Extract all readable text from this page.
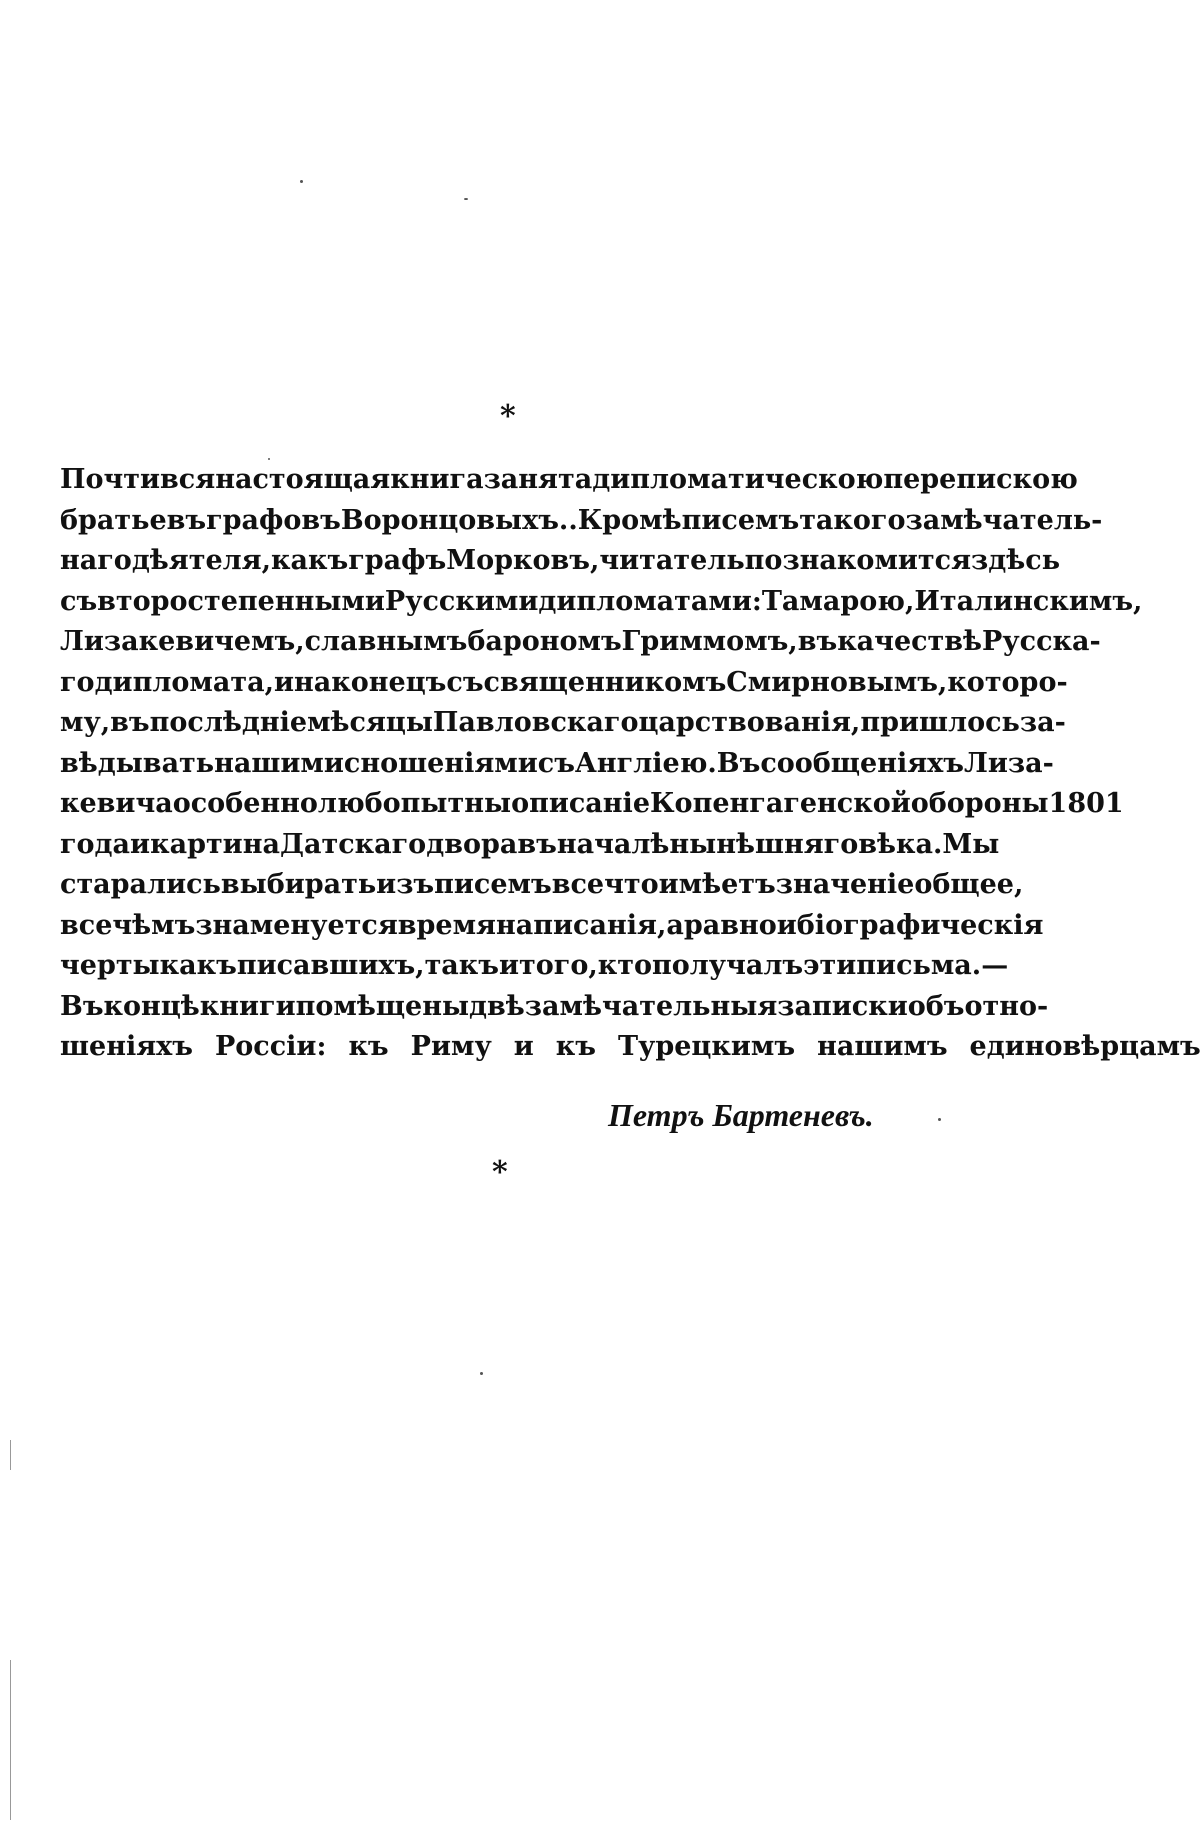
*
Почти вся настоящая книга занята дипломатическою перепискою
братьевъ графовъ Воронцовыхъ.. Кромѣ писемъ такого замѣчатель-
наго дѣятеля, какъ графъ Морковъ, читатель познакомится здѣсь
съ второстепенными Русскими дипломатами: Тамарою, Италинскимъ,
Лизакевичемъ, славнымъ барономъ Гриммомъ, въ качествѣ Русска-
го дипломата, и наконецъ съ священникомъ Смирновымъ, которо-
му, въ послѣдніе мѣсяцы Павловскаго царствованія, пришлось за-
вѣдывать нашими сношеніями съ Англіею. Въ сообщеніяхъ Лиза-
кевича особенно любопытны описаніе Копенгагенской обороны 1801
года и картина Датскаго двора въ началѣ нынѣшняго вѣка. Мы
старались выбирать изъ писемъ все что имѣетъ значеніе общее,
все чѣмъ знаменуется время написанія, а равно и біографическія
черты какъ писавшихъ, такъ и того, кто получалъ эти письма.—
Въ концѣ книги помѣщены двѣ замѣчательныя записки объ отно-
шеніяхъ Россіи: къ Риму и къ Турецкимъ нашимъ единовѣрцамъ
Петръ Бартеневъ.
*
